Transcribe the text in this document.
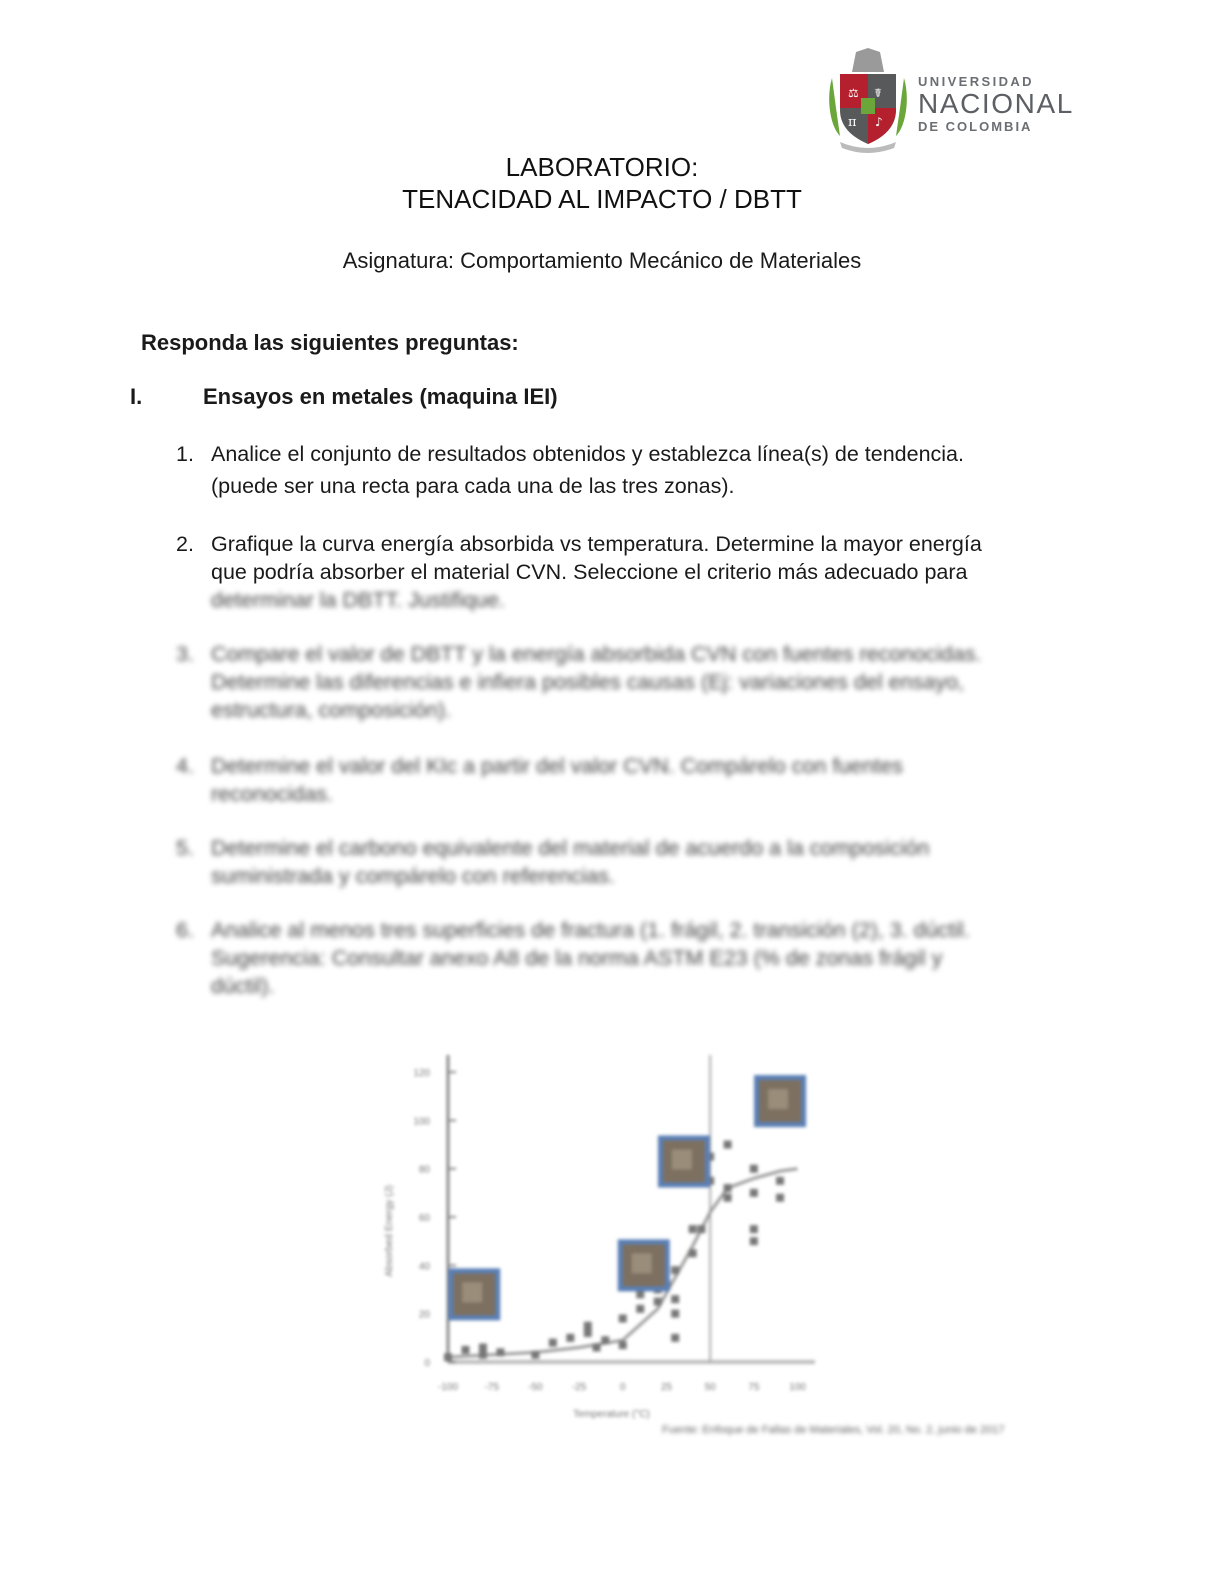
⚖ ☤
π ♪
UNIVERSIDAD
NACIONAL
DE COLOMBIA
LABORATORIO:
TENACIDAD AL IMPACTO / DBTT
Asignatura: Comportamiento Mecánico de Materiales
Responda las siguientes preguntas:
I.	Ensayos en metales (maquina IEI)
1. Analice el conjunto de resultados obtenidos y establezca línea(s) de tendencia.
(puede ser una recta para cada una de las tres zonas).
2. Grafique la curva energía absorbida vs temperatura. Determine la mayor energía
que podría absorber el material CVN. Seleccione el criterio más adecuado para
determinar la DBTT. Justifique.
3. Compare el valor de DBTT y la energía absorbida CVN con fuentes reconocidas.
Determine las diferencias e infiera posibles causas (Ej: variaciones del ensayo,
estructura, composición).
4. Determine el valor del KIc a partir del valor CVN. Compárelo con fuentes
reconocidas.
5. Determine el carbono equivalente del material de acuerdo a la composición
suministrada y compárelo con referencias.
6. Analice al menos tres superficies de fractura (1. frágil, 2. transición (2), 3. dúctil.
Sugerencia: Consultar anexo A8 de la norma ASTM E23 (% de zonas frágil y
dúctil).
0
20
40
60
80
100
120
-100	-75	-50	-25	0	25	50	75	100
Temperature (°C)
Absorbed Energy (J)
Fuente: Enfoque de Fallas de Materiales, Vol. 20, No. 2, junio de 2017
